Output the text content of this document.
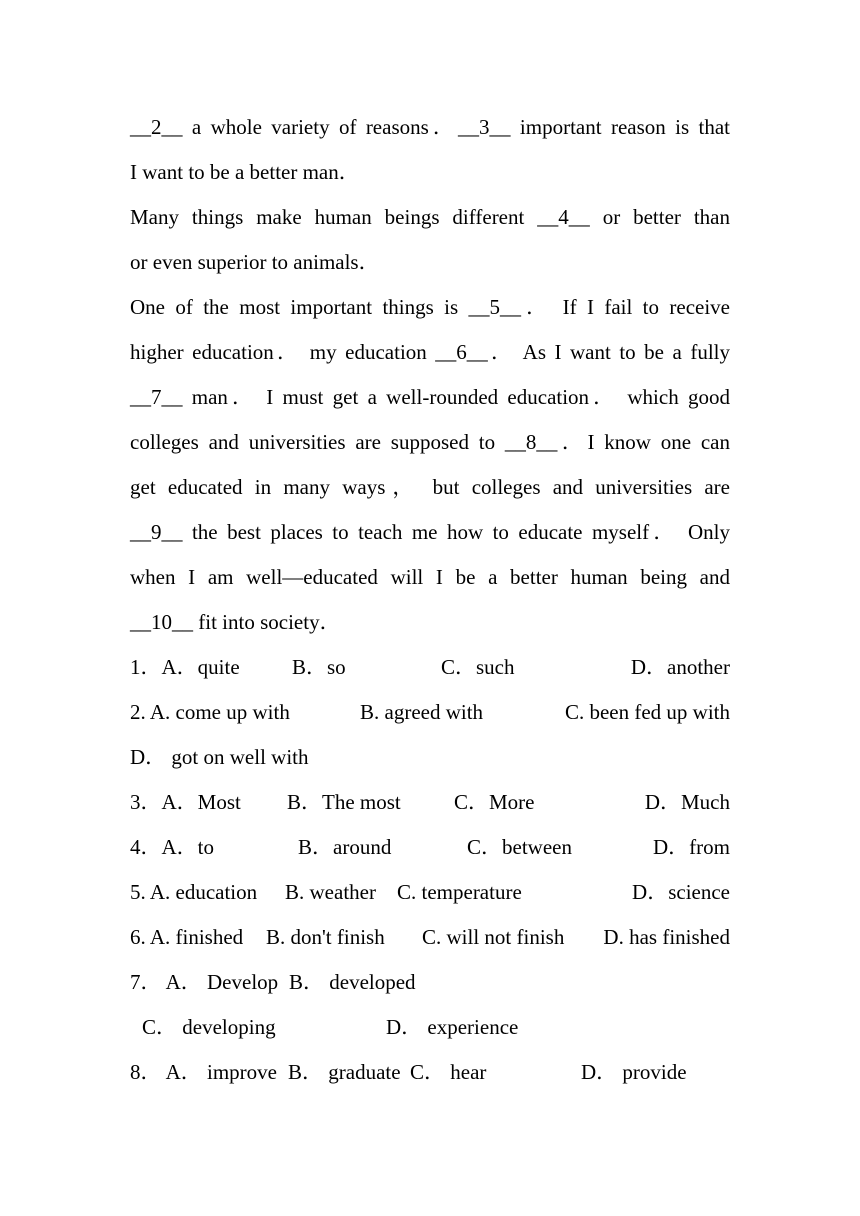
__2__ a whole variety of reasons．__3__ important reason is that
I want to be a better man．
Many things make human beings different __4__ or better than
or even superior to animals．
One of the most important things is __5__． If I fail to receive
higher education． my education __6__． As I want to be a fully
__7__ man． I must get a well-rounded education． which good
colleges and universities are supposed to __8__．I know one can
get educated in many ways， but colleges and universities are
__9__ the best places to teach me how to educate myself． Only
when I am well—educated will I be a better human being and
__10__ fit into society．
1．A．quite B．so	C．such	D．another
2. A. come up with	B. agreed with	C. been fed up with
D． got on well with
3．A．Most B．The most	C．More	D．Much
4．A．to	B．around	C．between	D．from
5. A. education B. weather C. temperature	D．science
6. A. finished B. don't finish C. will not finish D. has finished
7． A． Develop B． developed
C． developing	D． experience
8． A． improve B． graduate C． hear	D． provide
